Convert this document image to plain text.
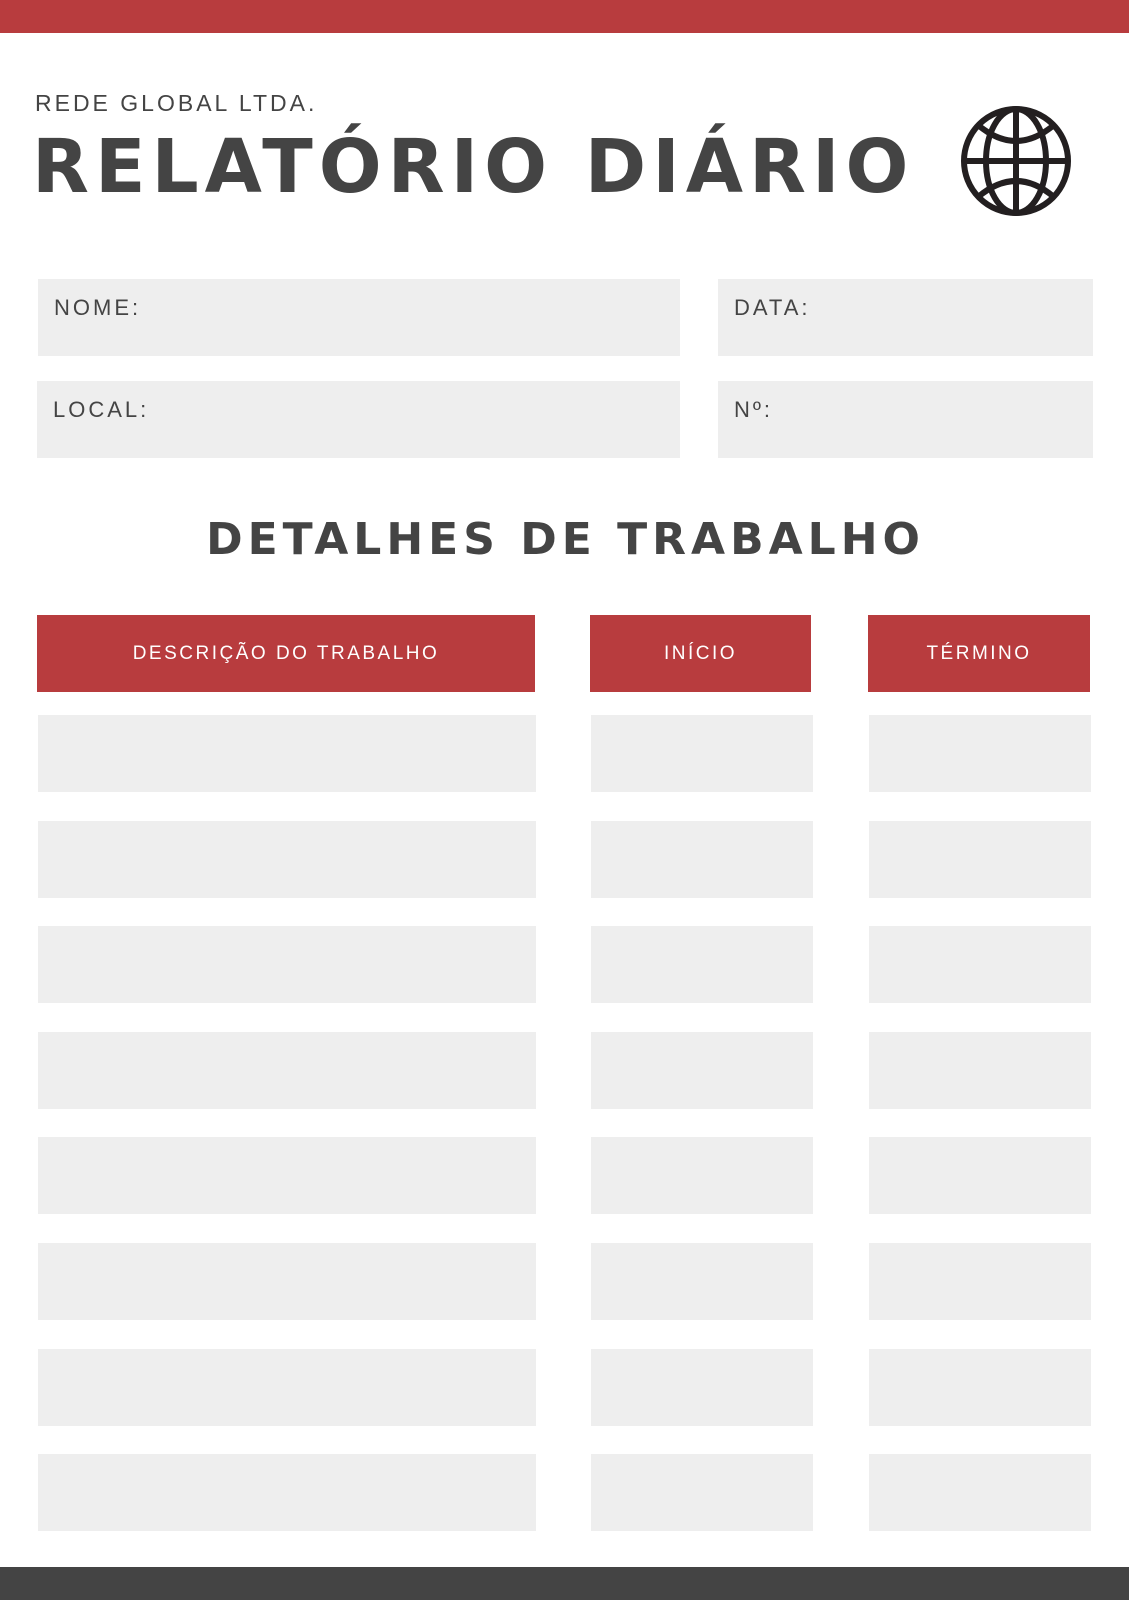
REDE GLOBAL LTDA.
RELATÓRIO DIÁRIO
NOME:	DATA:
LOCAL:	Nº:
DETALHES DE TRABALHO
DESCRIÇÃO DO TRABALHO	INÍCIO	TÉRMINO
